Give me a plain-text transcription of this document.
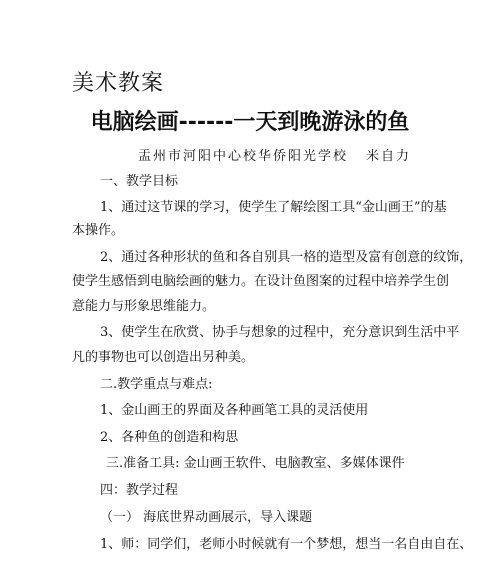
美术教案
电脑绘画------一天到晚游泳的鱼
盂州市河阳中心校华侨阳光学校 米自力
一、教学目标
1、通过这节课的学习，使学生了解绘图工具“金山画王”的基
本操作。
2、通过各种形状的鱼和各自别具一格的造型及富有创意的纹饰，
使学生感悟到电脑绘画的魅力。在设计鱼图案的过程中培养学生创
意能力与形象思维能力。
3、使学生在欣赏、协手与想象的过程中，充分意识到生活中平
凡的事物也可以创造出另种美。
二.教学重点与难点:
1、金山画王的界面及各种画笔工具的灵活使用
2、各种鱼的创造和构思
三.准备工具: 金山画王软件、电脑教室、多媒体课件
四：教学过程
（一） 海底世界动画展示，导入课题
1、师：同学们，老师小时候就有一个梦想，想当一名自由自在、
